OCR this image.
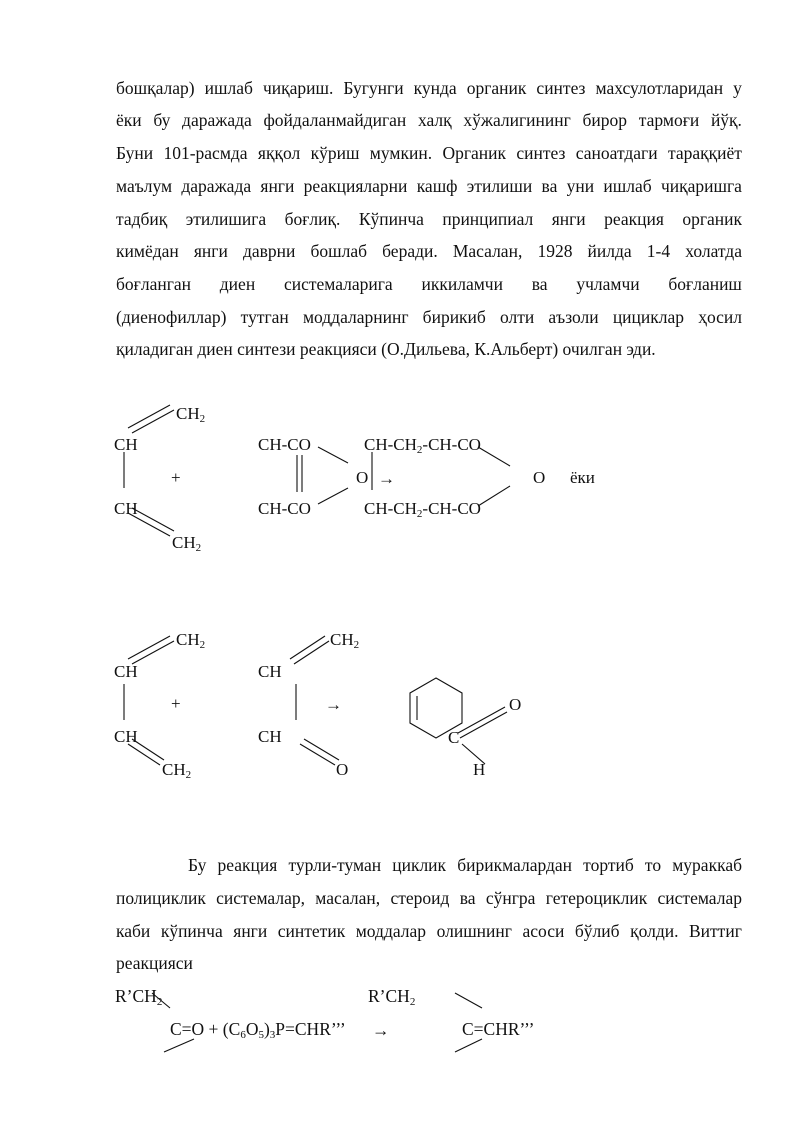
бошқалар) ишлаб чиқариш. Бугунги кунда органик синтез махсулотларидан у
ёки бу даражада фойдаланмайдиган халқ хўжалигининг бирор тармоғи йўқ.
Буни 101-расмда яққол кўриш мумкин. Органик синтез саноатдаги тараққиёт
маълум даражада янги реакцияларни кашф этилиши ва уни ишлаб чиқаришга
тадбиқ этилишига боғлиқ. Кўпинча принципиал янги реакция органик
кимёдан янги даврни бошлаб беради. Масалан, 1928 йилда 1-4 холатда
боғланган диен системаларига иккиламчи ва учламчи боғланиш
(диенофиллар) тутган моддаларнинг бирикиб олти аъзоли цициклар ҳосил
қиладиган диен синтези реакцияси (О.Дильева, К.Альберт) очилган эди.
$CH_2$
CH
+
CH
$CH_2$
CH-CO
CH-CO
O →
$CH-CH_2-CH-CO$
$CH-CH_2-CH-CO$
O ёки
$CH_2$
CH
+
CH
$CH_2$
$CH_2$
CH
CH
O
→	O
C
H
Бу реакция турли-туман циклик бирикмалардан тортиб то мураккаб
полициклик системалар, масалан, стероид ва сўнгра гетероциклик системалар
каби кўпинча янги синтетик моддалар олишнинг асоси бўлиб қолди. Виттиг
реакцияси
$R’CH_2$	$R’CH_2$
$C=O + (C_6O_5)_3P=CHR$’’’ →	C=CHR’’’
